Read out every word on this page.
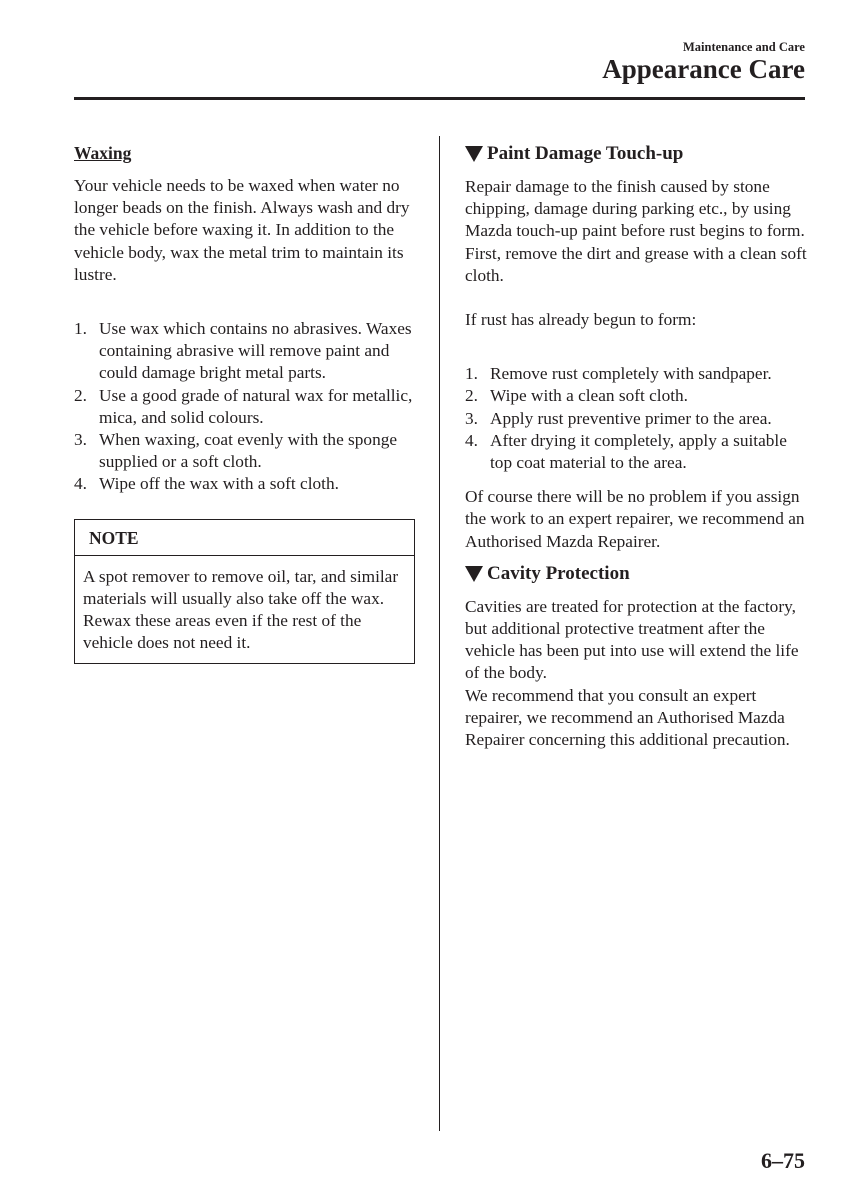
Maintenance and Care
Appearance Care
Waxing

Your vehicle needs to be waxed when water no longer beads on the finish. Always wash and dry the vehicle before waxing it. In addition to the vehicle body, wax the metal trim to maintain its lustre.

1. Use wax which contains no abrasives. Waxes containing abrasive will remove paint and could damage bright metal parts.
2. Use a good grade of natural wax for metallic, mica, and solid colours.
3. When waxing, coat evenly with the sponge supplied or a soft cloth.
4. Wipe off the wax with a soft cloth.
NOTE
A spot remover to remove oil, tar, and similar materials will usually also take off the wax. Rewax these areas even if the rest of the vehicle does not need it.
Paint Damage Touch-up

Repair damage to the finish caused by stone chipping, damage during parking etc., by using Mazda touch-up paint before rust begins to form. First, remove the dirt and grease with a clean soft cloth.

If rust has already begun to form:

1. Remove rust completely with sandpaper.
2. Wipe with a clean soft cloth.
3. Apply rust preventive primer to the area.
4. After drying it completely, apply a suitable top coat material to the area.

Of course there will be no problem if you assign the work to an expert repairer, we recommend an Authorised Mazda Repairer.

Cavity Protection

Cavities are treated for protection at the factory, but additional protective treatment after the vehicle has been put into use will extend the life of the body.

We recommend that you consult an expert repairer, we recommend an Authorised Mazda Repairer concerning this additional precaution.

6–75
